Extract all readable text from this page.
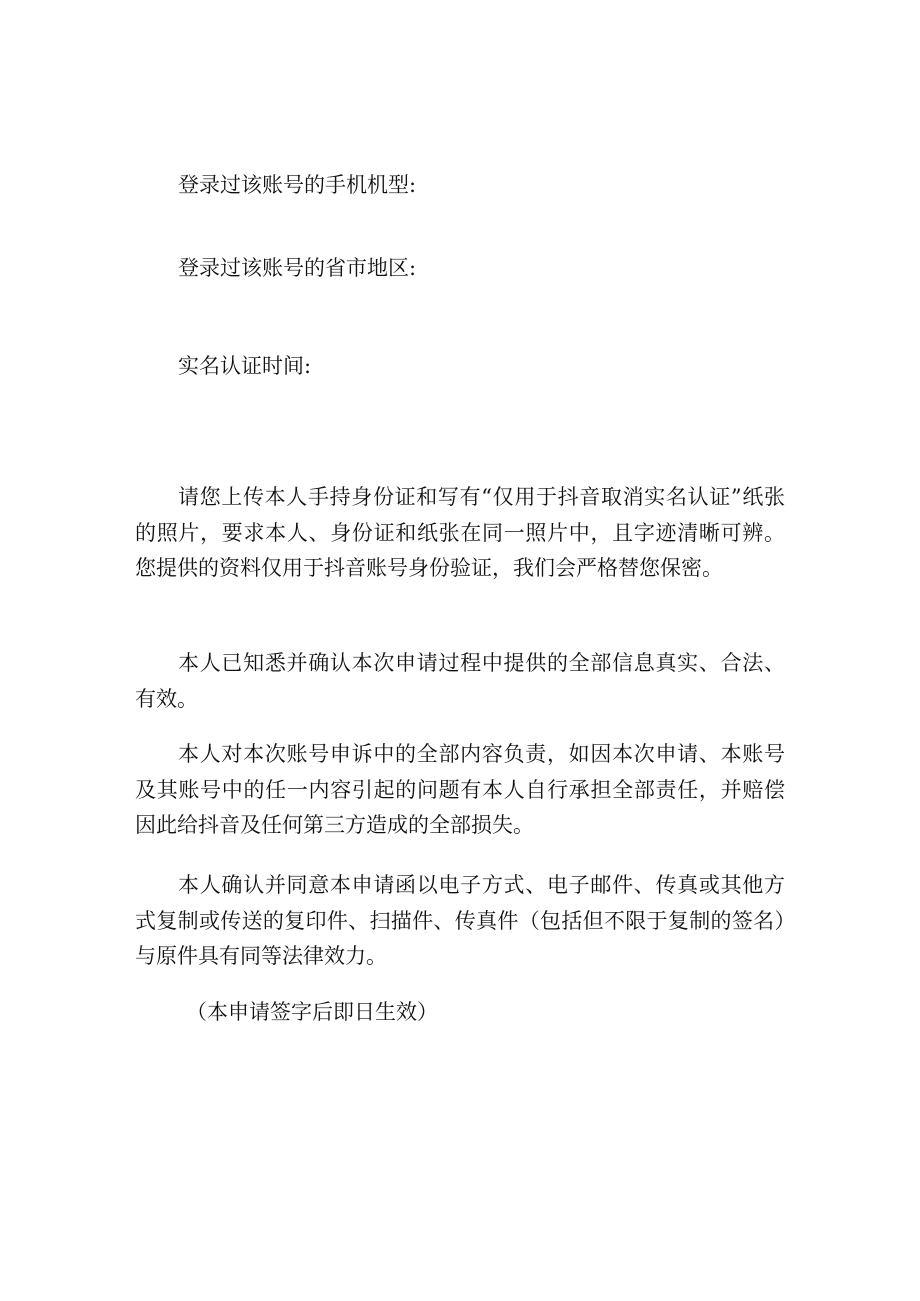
登录过该账号的手机机型:
登录过该账号的省市地区:
实名认证时间:

请您上传本人手持身份证和写有“仅用于抖音取消实名认证”纸张的照片，要求本人、身份证和纸张在同一照片中，且字迹清晰可辨。您提供的资料仅用于抖音账号身份验证，我们会严格替您保密。

本人已知悉并确认本次申请过程中提供的全部信息真实、合法、有效。

本人对本次账号申诉中的全部内容负责，如因本次申请、本账号及其账号中的任一内容引起的问题有本人自行承担全部责任，并赔偿因此给抖音及任何第三方造成的全部损失。

本人确认并同意本申请函以电子方式、电子邮件、传真或其他方式复制或传送的复印件、扫描件、传真件（包括但不限于复制的签名）与原件具有同等法律效力。

（本申请签字后即日生效）
